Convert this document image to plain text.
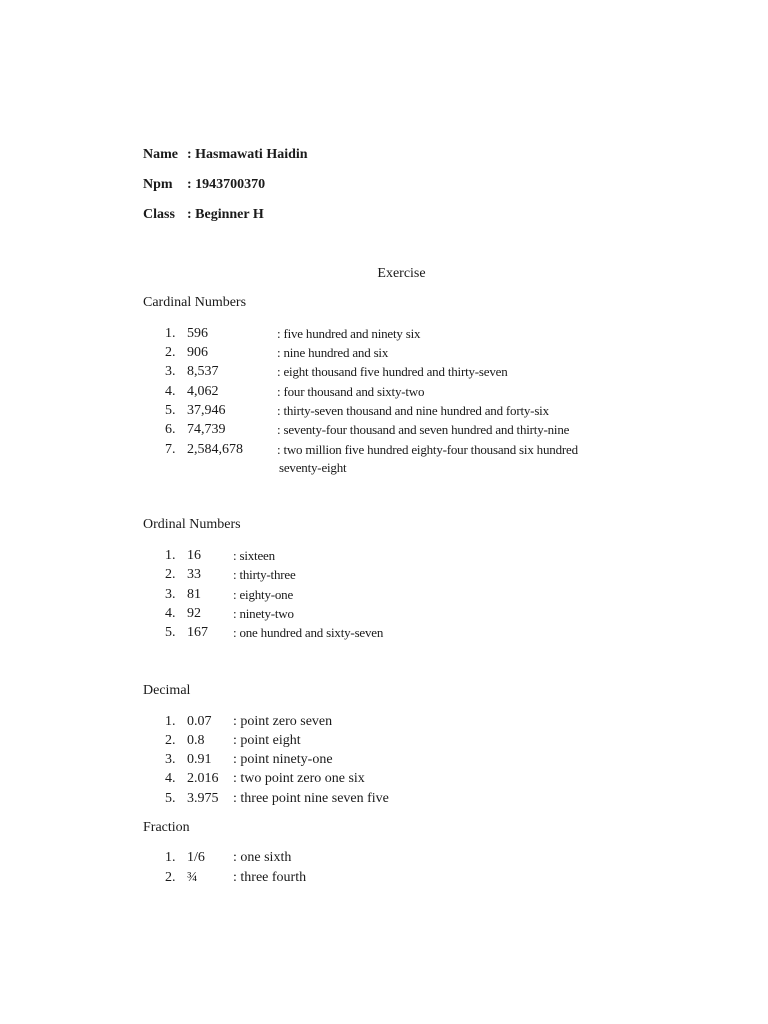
Name : Hasmawati Haidin
Npm : 1943700370
Class : Beginner H
Exercise
Cardinal Numbers
1. 596	: five hundred and ninety six
2. 906	: nine hundred and six
3. 8,537	: eight thousand five hundred and thirty-seven
4. 4,062	: four thousand and sixty-two
5. 37,946	: thirty-seven thousand and nine hundred and forty-six
6. 74,739	: seventy-four thousand and seven hundred and thirty-nine
7. 2,584,678	: two million five hundred eighty-four thousand six hundred
seventy-eight
Ordinal Numbers
1. 16 : sixteen
2. 33 : thirty-three
3. 81 : eighty-one
4. 92 : ninety-two
5. 167 : one hundred and sixty-seven
Decimal
1. 0.07 : point zero seven
2. 0.8 : point eight
3. 0.91 : point ninety-one
4. 2.016 : two point zero one six
5. 3.975 : three point nine seven five
Fraction
1. 1/6 : one sixth
2. ¾	: three fourth
